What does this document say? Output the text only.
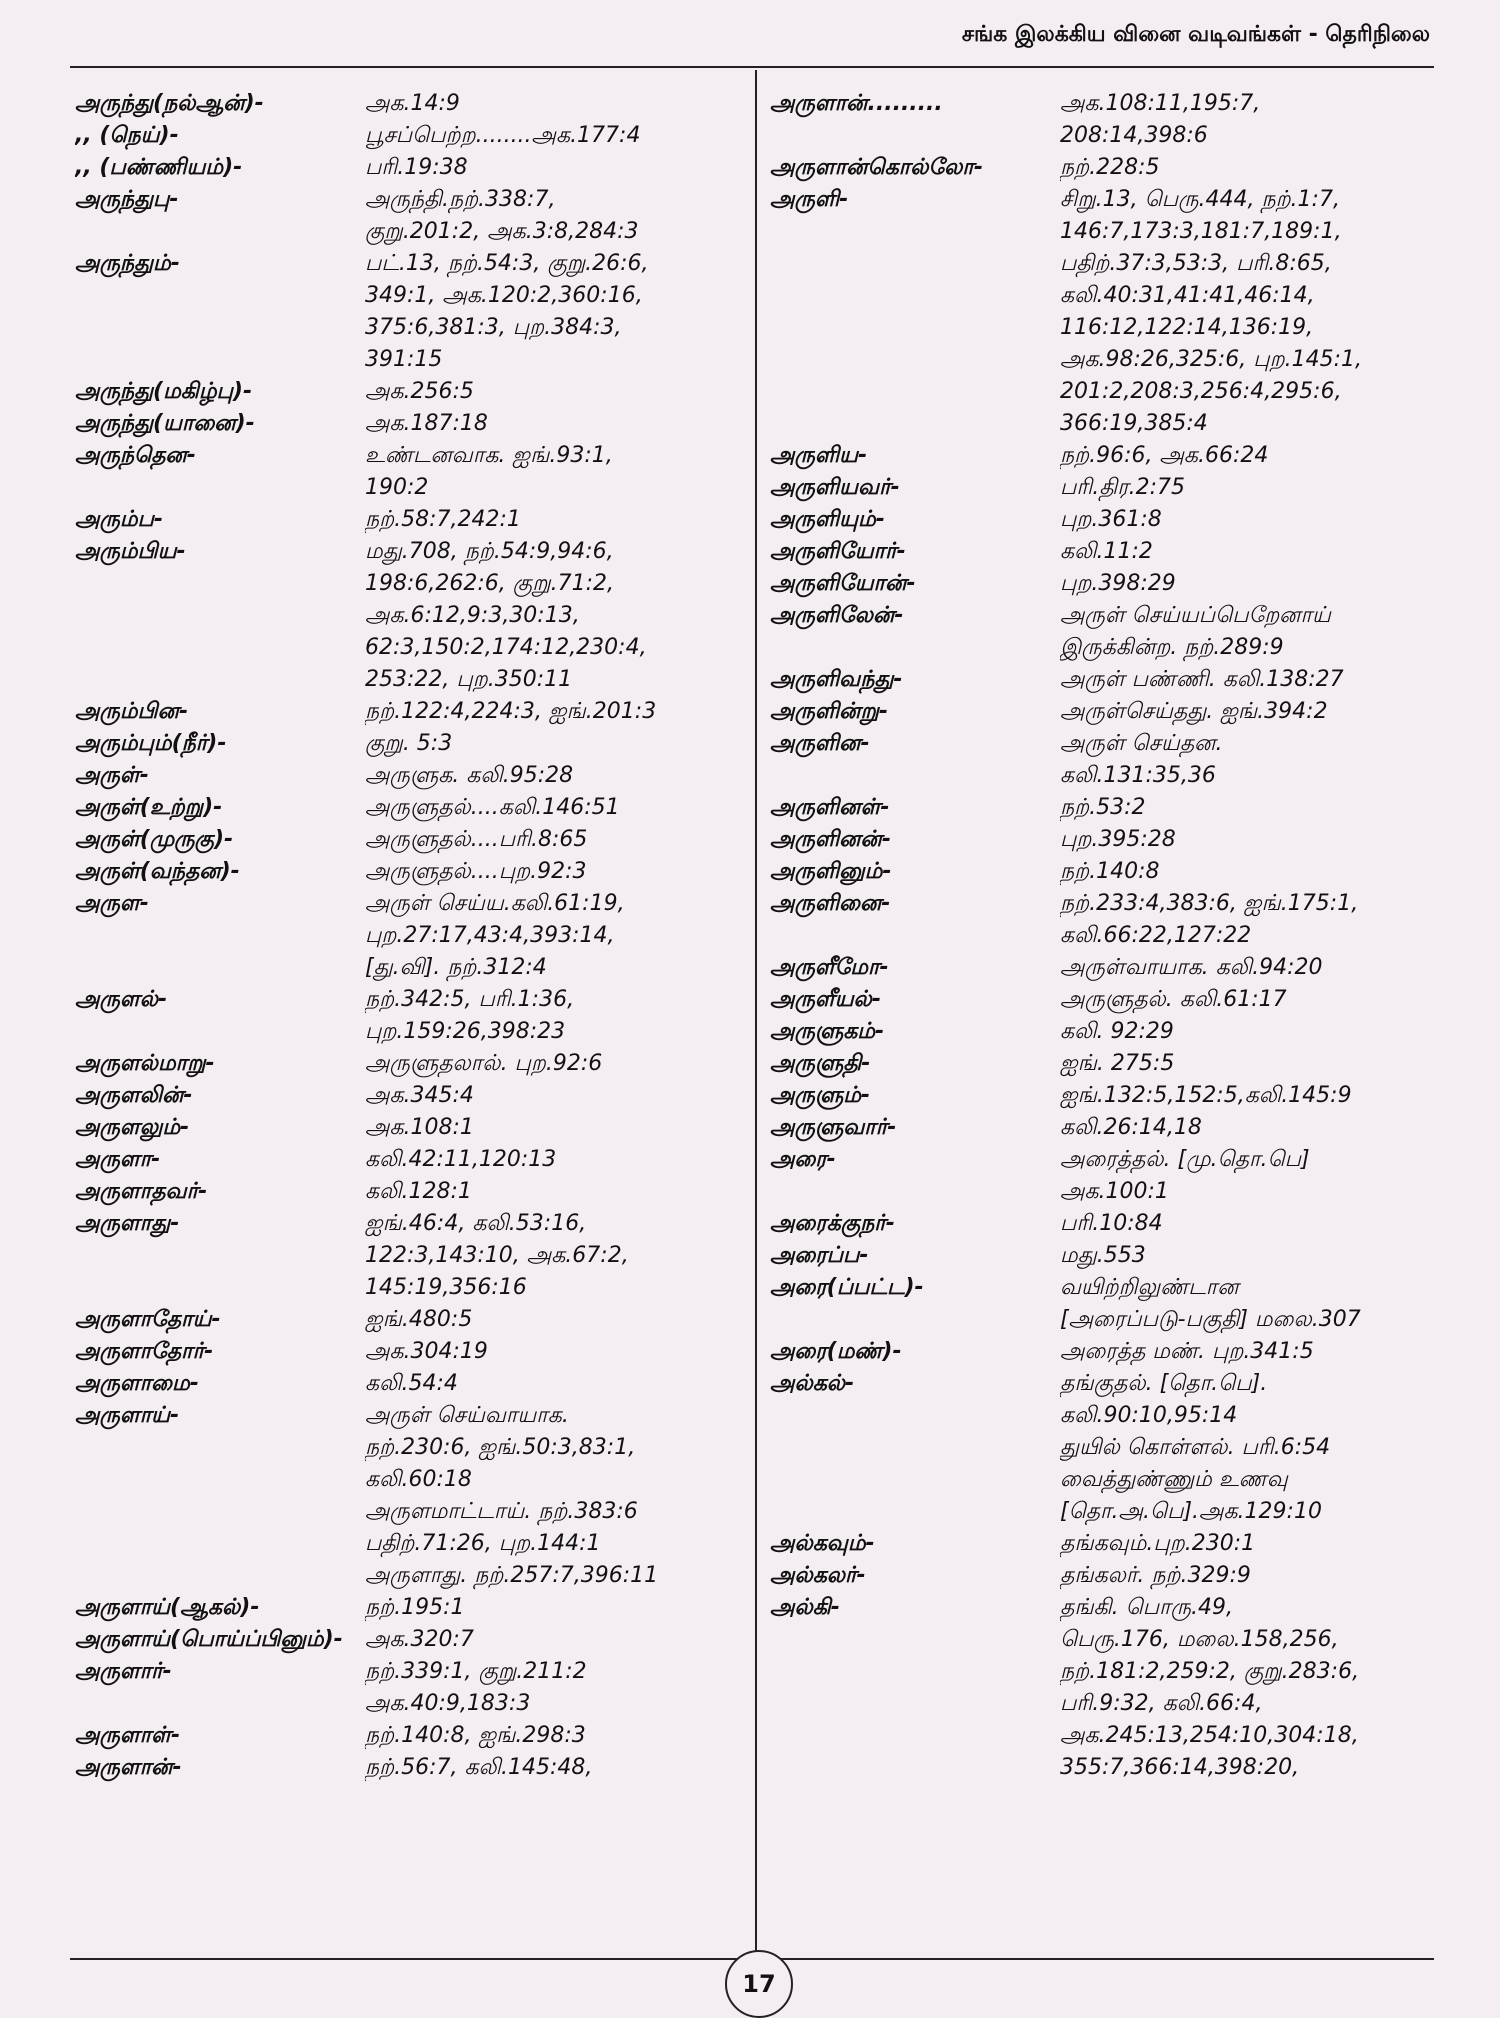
சங்க இலக்கிய வினை வடிவங்கள் - தெரிநிலை
அருந்து(நல்ஆன்)-	அக.14:9
,, (நெய்)-	பூசப்பெற்ற........அக.177:4
,, (பண்ணியம்)-	பரி.19:38
அருந்துபு-	அருந்தி.நற்.338:7,
குறு.201:2, அக.3:8,284:3
அருந்தும்-	பட்.13, நற்.54:3, குறு.26:6,
349:1, அக.120:2,360:16,
375:6,381:3, புற.384:3,
391:15
அருந்து(மகிழ்பு)-	அக.256:5
அருந்து(யானை)-	அக.187:18
அருந்தென-	உண்டனவாக. ஐங்.93:1,
190:2
அரும்ப-	நற்.58:7,242:1
அரும்பிய-	மது.708, நற்.54:9,94:6,
198:6,262:6, குறு.71:2,
அக.6:12,9:3,30:13,
62:3,150:2,174:12,230:4,
253:22, புற.350:11
அரும்பின-	நற்.122:4,224:3, ஐங்.201:3
அரும்பும்(நீர்)-	குறு. 5:3
அருள்-	அருளுக. கலி.95:28
அருள்(உற்று)-	அருளுதல்....கலி.146:51
அருள்(முருகு)-	அருளுதல்....பரி.8:65
அருள்(வந்தன)-	அருளுதல்....புற.92:3
அருள-	அருள் செய்ய.கலி.61:19,
புற.27:17,43:4,393:14,
[து.வி]. நற்.312:4
அருளல்-	நற்.342:5, பரி.1:36,
புற.159:26,398:23
அருளல்மாறு-	அருளுதலால். புற.92:6
அருளலின்-	அக.345:4
அருளலும்-	அக.108:1
அருளா-	கலி.42:11,120:13
அருளாதவர்-	கலி.128:1
அருளாது-	ஐங்.46:4, கலி.53:16,
122:3,143:10, அக.67:2,
145:19,356:16
அருளாதோய்-	ஐங்.480:5
அருளாதோர்-	அக.304:19
அருளாமை-	கலி.54:4
அருளாய்-	அருள் செய்வாயாக.
நற்.230:6, ஐங்.50:3,83:1,
கலி.60:18
அருளமாட்டாய். நற்.383:6
பதிற்.71:26, புற.144:1
அருளாது. நற்.257:7,396:11
அருளாய்(ஆகல்)-	நற்.195:1
அருளாய்(பொய்ப்பினும்)-	அக.320:7
அருளார்-	நற்.339:1, குறு.211:2
அக.40:9,183:3
அருளாள்-	நற்.140:8, ஐங்.298:3
அருளான்-	நற்.56:7, கலி.145:48,
அருளான்.........	அக.108:11,195:7,
208:14,398:6
அருளான்கொல்லோ-	நற்.228:5
அருளி-	சிறு.13, பெரு.444, நற்.1:7,
146:7,173:3,181:7,189:1,
பதிற்.37:3,53:3, பரி.8:65,
கலி.40:31,41:41,46:14,
116:12,122:14,136:19,
அக.98:26,325:6, புற.145:1,
201:2,208:3,256:4,295:6,
366:19,385:4
அருளிய-	நற்.96:6, அக.66:24
அருளியவர்-	பரி.திர.2:75
அருளியும்-	புற.361:8
அருளியோர்-	கலி.11:2
அருளியோன்-	புற.398:29
அருளிலேன்-	அருள் செய்யப்பெறேனாய்
இருக்கின்ற. நற்.289:9
அருளிவந்து-	அருள் பண்ணி. கலி.138:27
அருளின்று-	அருள்செய்தது. ஐங்.394:2
அருளின-	அருள் செய்தன.
கலி.131:35,36
அருளினள்-	நற்.53:2
அருளினன்-	புற.395:28
அருளினும்-	நற்.140:8
அருளினை-	நற்.233:4,383:6, ஐங்.175:1,
கலி.66:22,127:22
அருளீமோ-	அருள்வாயாக. கலி.94:20
அருளீயல்-	அருளுதல். கலி.61:17
அருளுகம்-	கலி. 92:29
அருளுதி-	ஐங். 275:5
அருளும்-	ஐங்.132:5,152:5,கலி.145:9
அருளுவார்-	கலி.26:14,18
அரை-	அரைத்தல். [மு.தொ.பெ]
அக.100:1
அரைக்குநர்-	பரி.10:84
அரைப்ப-	மது.553
அரை(ப்பட்ட)-	வயிற்றிலுண்டான
[அரைப்படு-பகுதி] மலை.307
அரை(மண்)-	அரைத்த மண். புற.341:5
அல்கல்-	தங்குதல். [தொ.பெ].
கலி.90:10,95:14
துயில் கொள்ளல். பரி.6:54
வைத்துண்ணும் உணவு
[தொ.அ.பெ].அக.129:10
அல்கவும்-	தங்கவும்.புற.230:1
அல்கலர்-	தங்கலர். நற்.329:9
அல்கி-	தங்கி. பொரு.49,
பெரு.176, மலை.158,256,
நற்.181:2,259:2, குறு.283:6,
பரி.9:32, கலி.66:4,
அக.245:13,254:10,304:18,
355:7,366:14,398:20,
17
